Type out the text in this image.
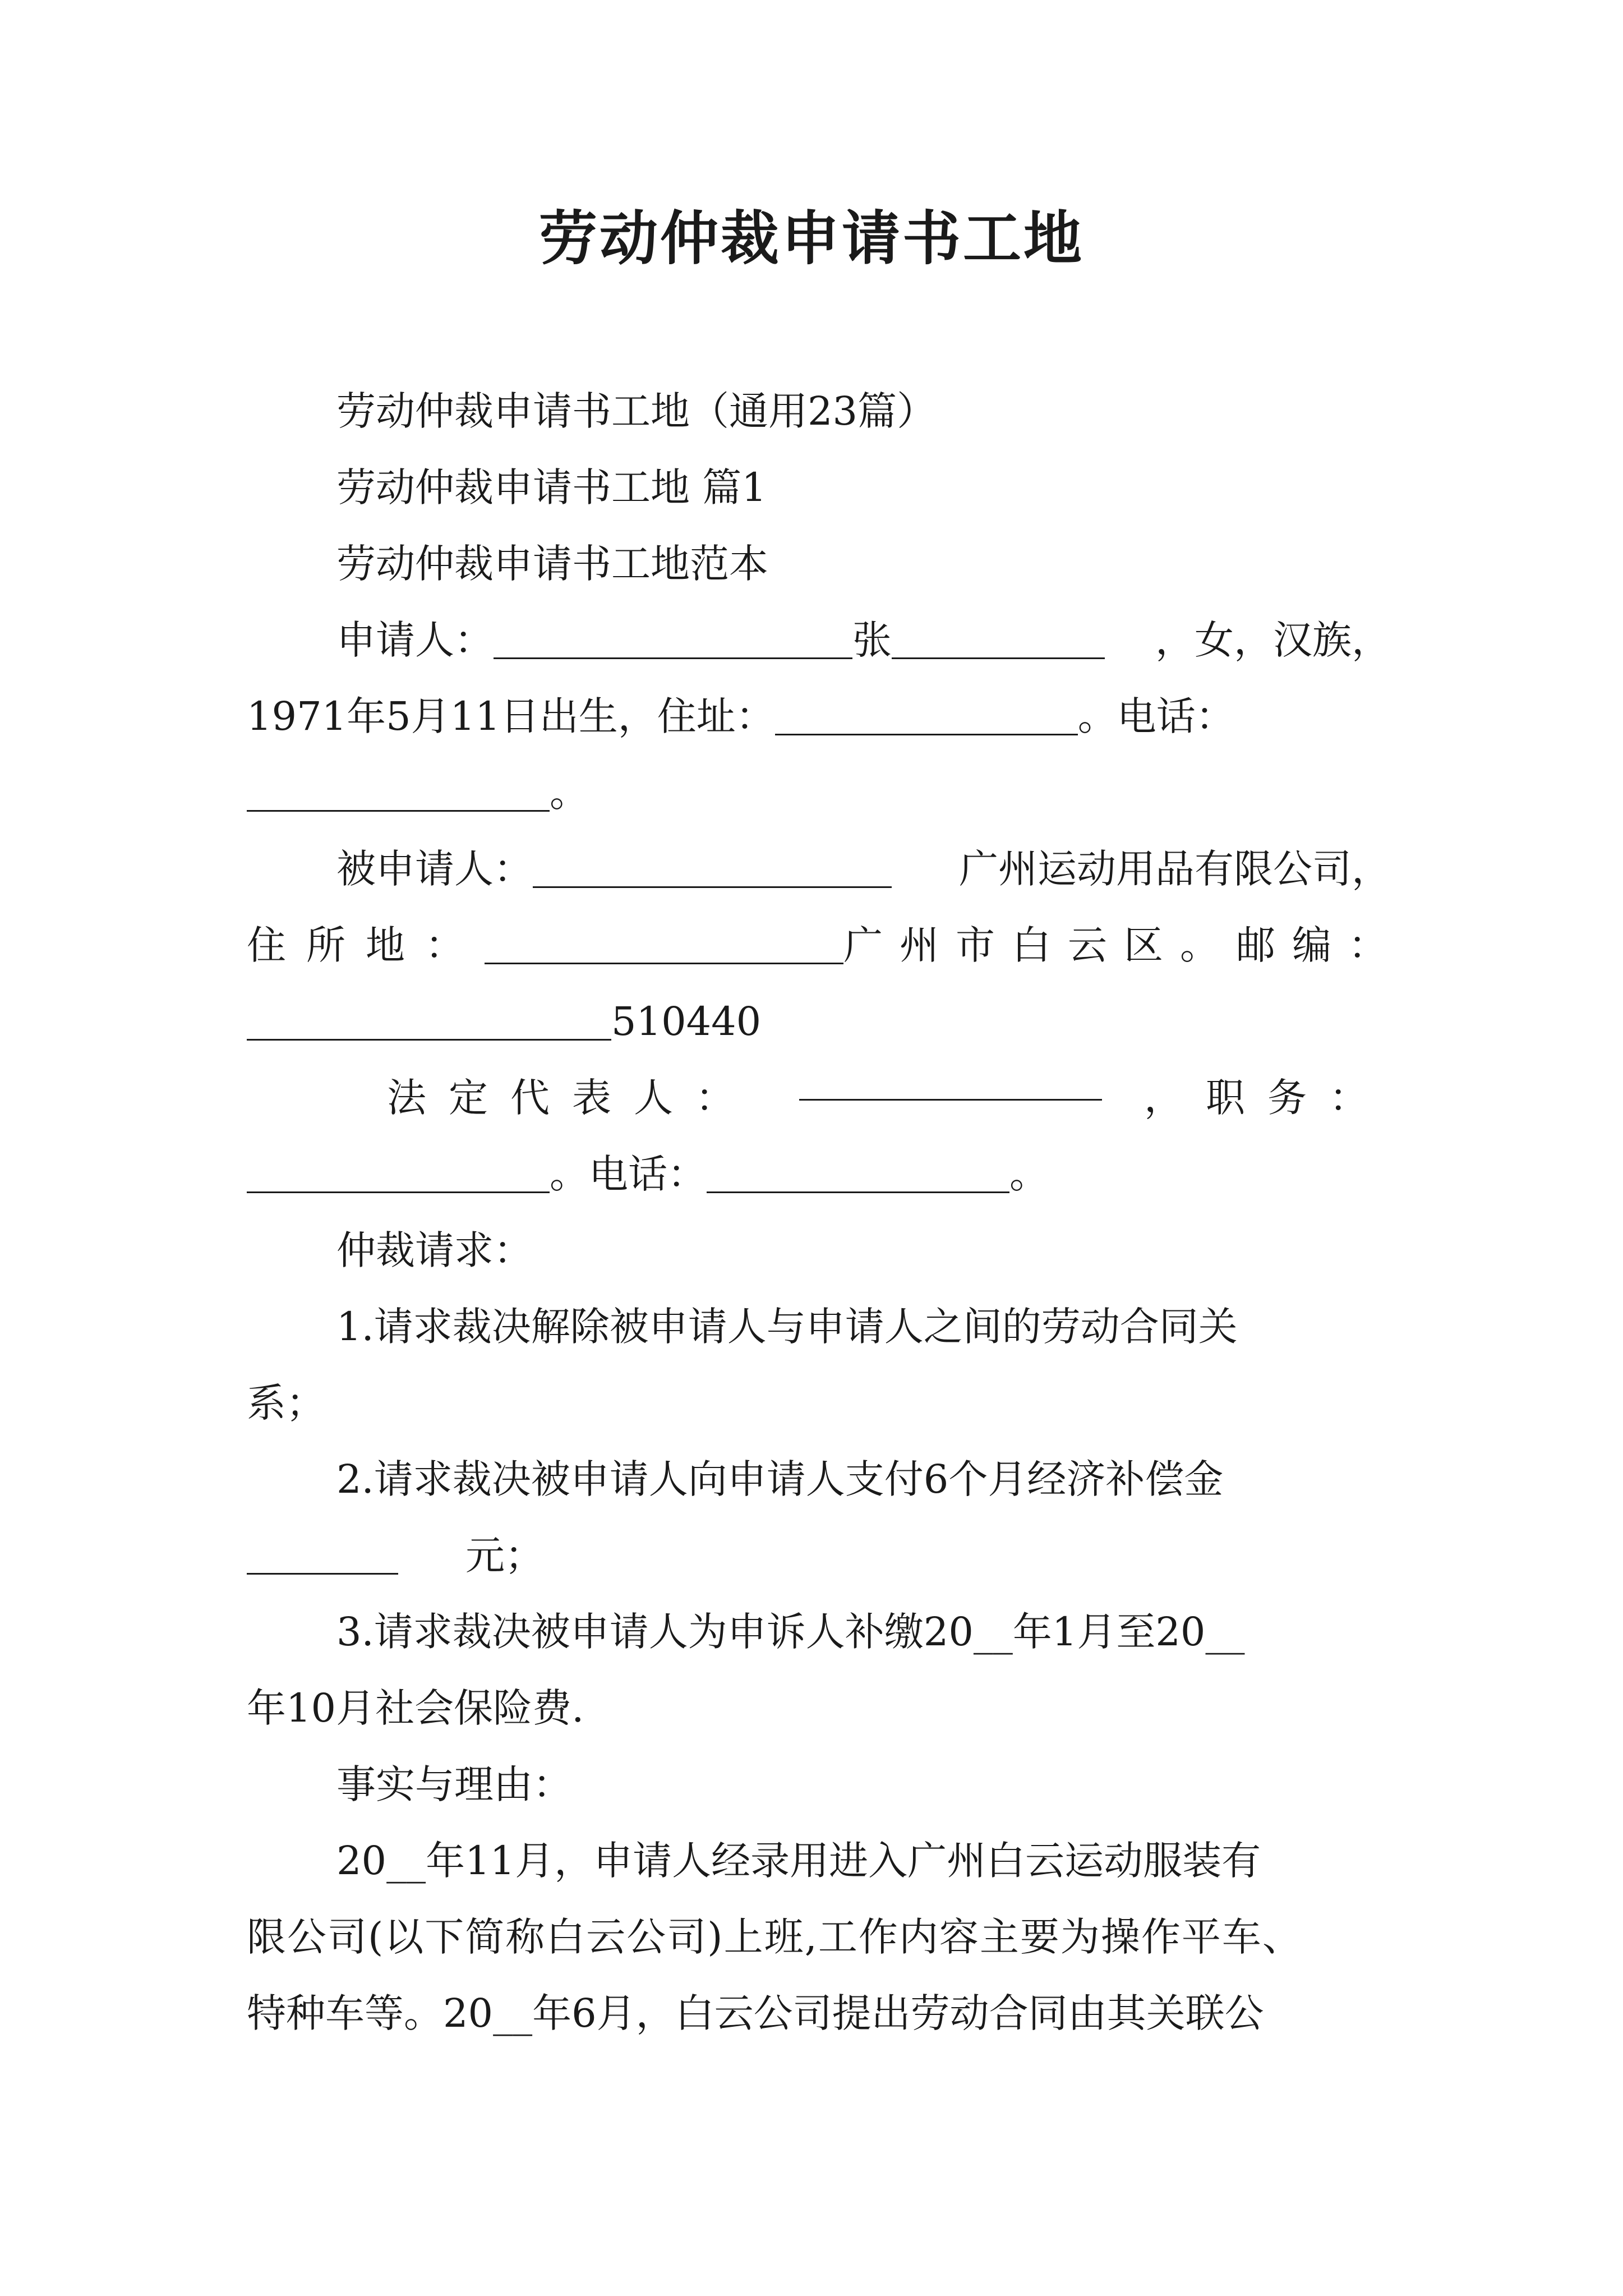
劳动仲裁申请书工地
劳动仲裁申请书工地（通用23篇）
劳动仲裁申请书工地 篇1
劳动仲裁申请书工地范本
申请人：	张	，女，汉族，
1971年5月11日出生，住址：	。电话：
。
被申请人：	广州运动用品有限公司，
住所地：	广州市白云区。邮编：
510440
法定代表人：	，职务：
。电话：	。
仲裁请求：
1.请求裁决解除被申请人与申请人之间的劳动合同关
系；
2.请求裁决被申请人向申请人支付6个月经济补偿金
元；
3.请求裁决被申请人为申诉人补缴20__年1月至20__
年10月社会保险费.
事实与理由：
20__年11月，申请人经录用进入广州白云运动服装有
限公司(以下简称白云公司)上班,工作内容主要为操作平车、
特种车等。20__年6月，白云公司提出劳动合同由其关联公
